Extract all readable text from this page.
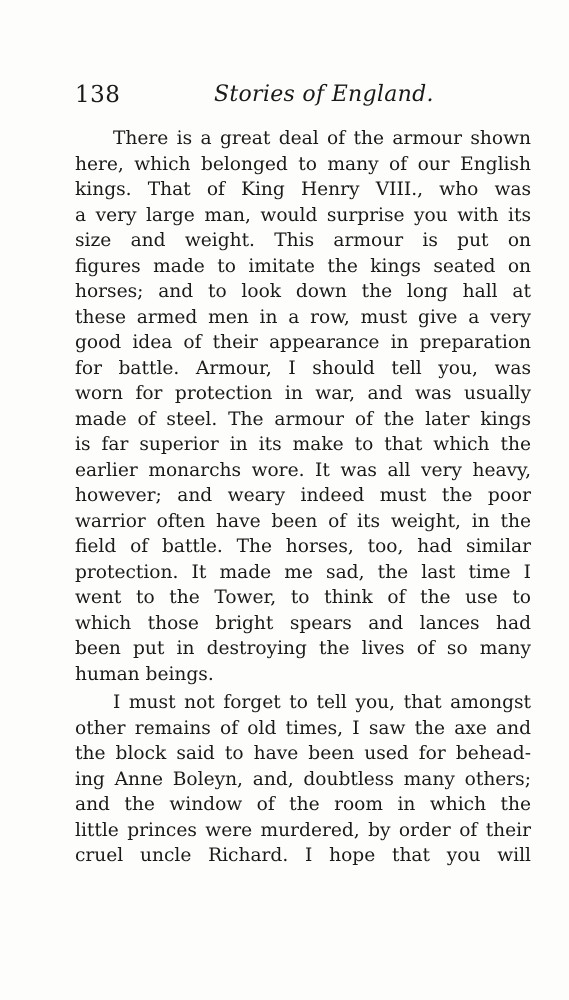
138	Stories of England.
There is a great deal of the armour shown
here, which belonged to many of our English
kings. That of King Henry VIII., who was
a very large man, would surprise you with its
size and weight. This armour is put on
figures made to imitate the kings seated on
horses; and to look down the long hall at
these armed men in a row, must give a very
good idea of their appearance in preparation
for battle. Armour, I should tell you, was
worn for protection in war, and was usually
made of steel. The armour of the later kings
is far superior in its make to that which the
earlier monarchs wore. It was all very heavy,
however; and weary indeed must the poor
warrior often have been of its weight, in the
field of battle. The horses, too, had similar
protection. It made me sad, the last time I
went to the Tower, to think of the use to
which those bright spears and lances had
been put in destroying the lives of so many
human beings.
I must not forget to tell you, that amongst
other remains of old times, I saw the axe and
the block said to have been used for behead-
ing Anne Boleyn, and, doubtless many others;
and the window of the room in which the
little princes were murdered, by order of their
cruel uncle Richard. I hope that you will
